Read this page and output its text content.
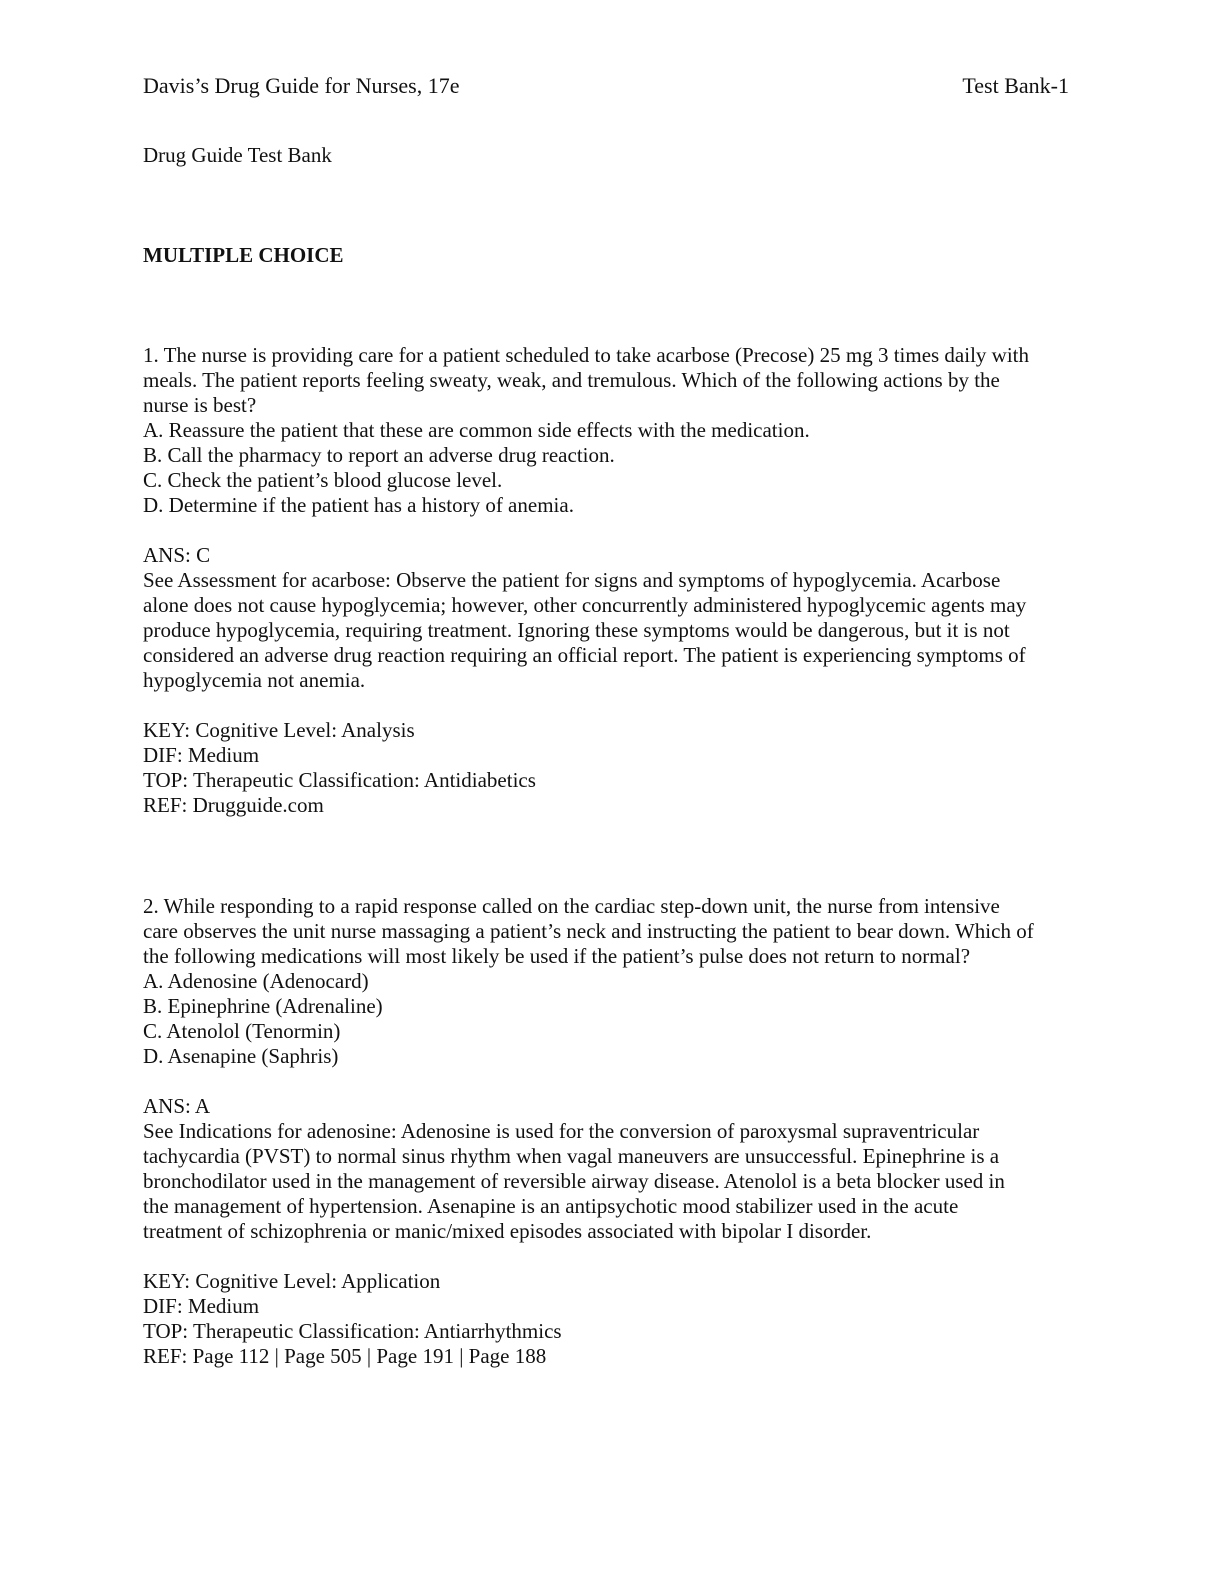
Davis’s Drug Guide for Nurses, 17e	Test Bank-1
Drug Guide Test Bank
MULTIPLE CHOICE
1. The nurse is providing care for a patient scheduled to take acarbose (Precose) 25 mg 3 times daily with
meals. The patient reports feeling sweaty, weak, and tremulous. Which of the following actions by the
nurse is best?
A. Reassure the patient that these are common side effects with the medication.
B. Call the pharmacy to report an adverse drug reaction.
C. Check the patient’s blood glucose level.
D. Determine if the patient has a history of anemia.
ANS: C
See Assessment for acarbose: Observe the patient for signs and symptoms of hypoglycemia. Acarbose
alone does not cause hypoglycemia; however, other concurrently administered hypoglycemic agents may
produce hypoglycemia, requiring treatment. Ignoring these symptoms would be dangerous, but it is not
considered an adverse drug reaction requiring an official report. The patient is experiencing symptoms of
hypoglycemia not anemia.
KEY: Cognitive Level: Analysis
DIF: Medium
TOP: Therapeutic Classification: Antidiabetics
REF: Drugguide.com
2. While responding to a rapid response called on the cardiac step-down unit, the nurse from intensive
care observes the unit nurse massaging a patient’s neck and instructing the patient to bear down. Which of
the following medications will most likely be used if the patient’s pulse does not return to normal?
A. Adenosine (Adenocard)
B. Epinephrine (Adrenaline)
C. Atenolol (Tenormin)
D. Asenapine (Saphris)
ANS: A
See Indications for adenosine: Adenosine is used for the conversion of paroxysmal supraventricular
tachycardia (PVST) to normal sinus rhythm when vagal maneuvers are unsuccessful. Epinephrine is a
bronchodilator used in the management of reversible airway disease. Atenolol is a beta blocker used in
the management of hypertension. Asenapine is an antipsychotic mood stabilizer used in the acute
treatment of schizophrenia or manic/mixed episodes associated with bipolar I disorder.
KEY: Cognitive Level: Application
DIF: Medium
TOP: Therapeutic Classification: Antiarrhythmics
REF: Page 112 | Page 505 | Page 191 | Page 188
